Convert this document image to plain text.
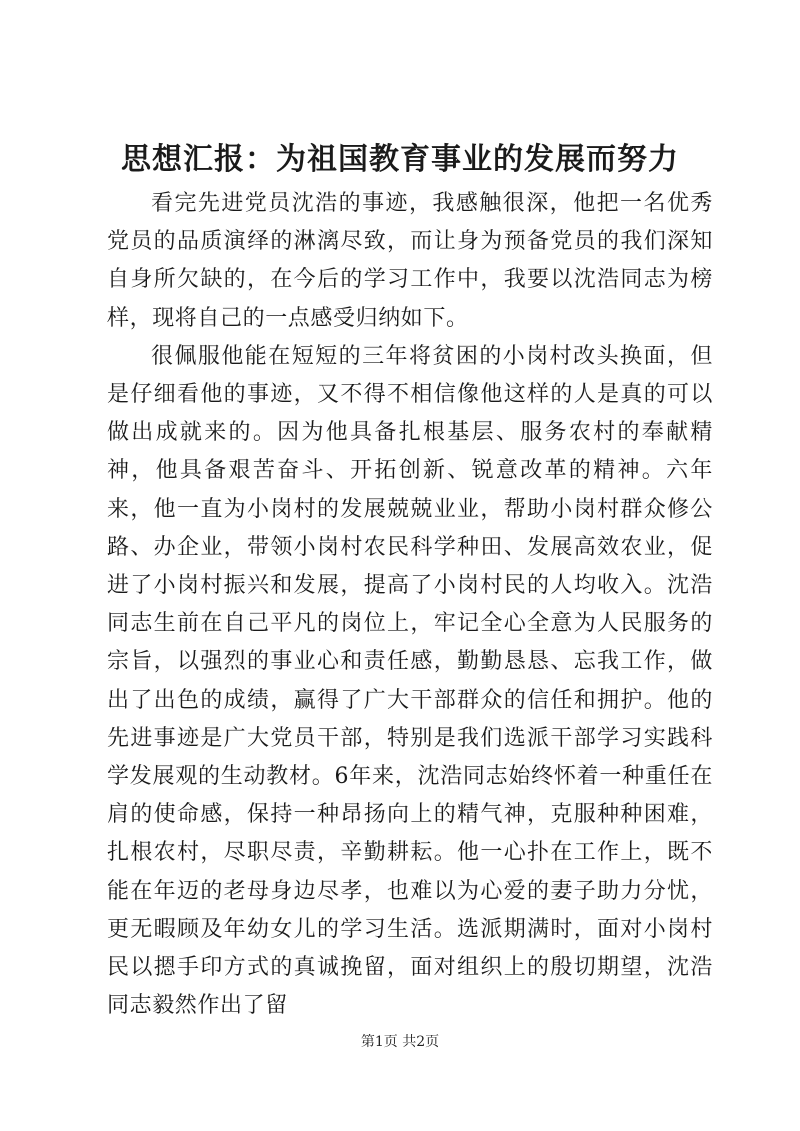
思想汇报：为祖国教育事业的发展而努力

看完先进党员沈浩的事迹，我感触很深，他把一名优秀党员的品质演绎的淋漓尽致，而让身为预备党员的我们深知自身所欠缺的，在今后的学习工作中，我要以沈浩同志为榜样，现将自己的一点感受归纳如下。

很佩服他能在短短的三年将贫困的小岗村改头换面，但是仔细看他的事迹，又不得不相信像他这样的人是真的可以做出成就来的。因为他具备扎根基层、服务农村的奉献精神，他具备艰苦奋斗、开拓创新、锐意改革的精神。六年来，他一直为小岗村的发展兢兢业业，帮助小岗村群众修公路、办企业，带领小岗村农民科学种田、发展高效农业，促进了小岗村振兴和发展，提高了小岗村民的人均收入。沈浩同志生前在自己平凡的岗位上，牢记全心全意为人民服务的宗旨，以强烈的事业心和责任感，勤勤恳恳、忘我工作，做出了出色的成绩，赢得了广大干部群众的信任和拥护。他的先进事迹是广大党员干部，特别是我们选派干部学习实践科学发展观的生动教材。6年来，沈浩同志始终怀着一种重任在肩的使命感，保持一种昂扬向上的精气神，克服种种困难，扎根农村，尽职尽责，辛勤耕耘。他一心扑在工作上，既不能在年迈的老母身边尽孝，也难以为心爱的妻子助力分忧，更无暇顾及年幼女儿的学习生活。选派期满时，面对小岗村民以摁手印方式的真诚挽留，面对组织上的殷切期望，沈浩同志毅然作出了留

第1页 共2页
